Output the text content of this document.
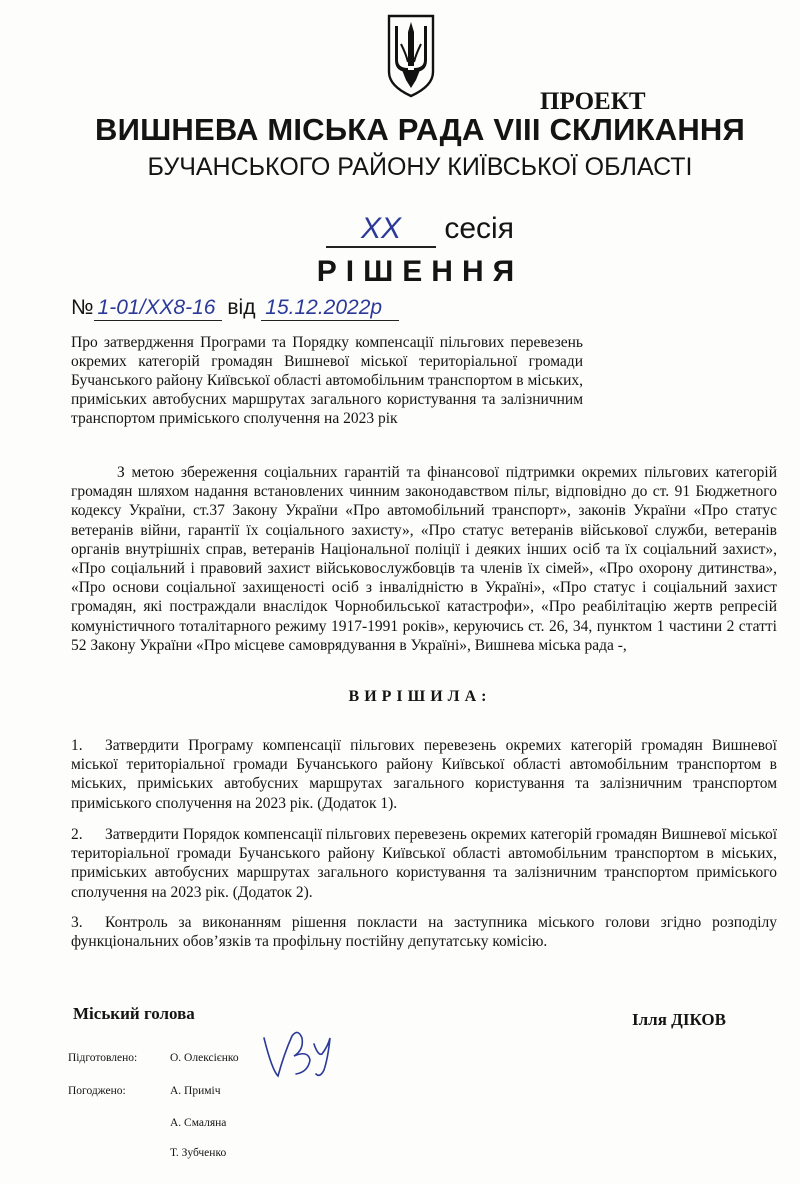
ПРОЕКТ
ВИШНЕВА МІСЬКА РАДА VIII СКЛИКАННЯ
БУЧАНСЬКОГО РАЙОНУ КИЇВСЬКОЇ ОБЛАСТІ
XX сесія
РІШЕННЯ
№ 1-01/XX8-16 від 15.12.2022р
Про затвердження Програми та Порядку компенсації пільгових перевезень окремих категорій громадян Вишневої міської територіальної громади Бучанського району Київської області автомобільним транспортом в міських, приміських автобусних маршрутах загального користування та залізничним транспортом приміського сполучення на 2023 рік
З метою збереження соціальних гарантій та фінансової підтримки окремих пільгових категорій громадян шляхом надання встановлених чинним законодавством пільг, відповідно до ст. 91 Бюджетного кодексу України, ст.37 Закону України «Про автомобільний транспорт», законів України «Про статус ветеранів війни, гарантії їх соціального захисту», «Про статус ветеранів військової служби, ветеранів органів внутрішніх справ, ветеранів Національної поліції і деяких інших осіб та їх соціальний захист», «Про соціальний і правовий захист військовослужбовців та членів їх сімей», «Про охорону дитинства», «Про основи соціальної захищеності осіб з інвалідністю в Україні», «Про статус і соціальний захист громадян, які постраждали внаслідок Чорнобильської катастрофи», «Про реабілітацію жертв репресій комуністичного тоталітарного режиму 1917-1991 років», керуючись ст. 26, 34, пунктом 1 частини 2 статті 52 Закону України «Про місцеве самоврядування в Україні», Вишнева міська рада -,
ВИРІШИЛА:
1. Затвердити Програму компенсації пільгових перевезень окремих категорій громадян Вишневої міської територіальної громади Бучанського району Київської області автомобільним транспортом в міських, приміських автобусних маршрутах загального користування та залізничним транспортом приміського сполучення на 2023 рік. (Додаток 1).
2. Затвердити Порядок компенсації пільгових перевезень окремих категорій громадян Вишневої міської територіальної громади Бучанського району Київської області автомобільним транспортом в міських, приміських автобусних маршрутах загального користування та залізничним транспортом приміського сполучення на 2023 рік. (Додаток 2).
3. Контроль за виконанням рішення покласти на заступника міського голови згідно розподілу функціональних обов’язків та профільну постійну депутатську комісію.
Міський голова	Ілля ДІКОВ
Підготовлено:	О. Олексієнко
Погоджено:	А. Приміч
А. Смаляна
Т. Зубченко
